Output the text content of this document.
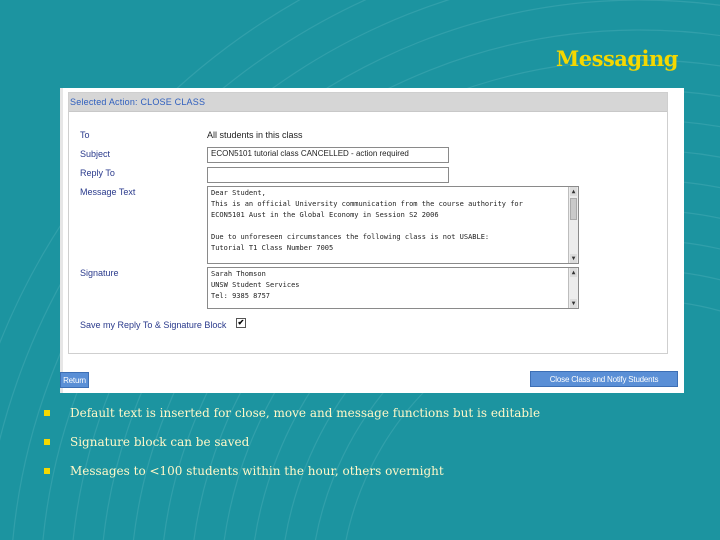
Messaging
Selected Action: CLOSE CLASS
To	All students in this class
Subject	ECON5101 tutorial class CANCELLED - action required
Reply To
Message Text	Dear Student,
This is an official University communication from the course authority for
ECON5101 Aust in the Global Economy in Session S2 2006

Due to unforeseen circumstances the following class is not USABLE:
Tutorial T1 Class Number 7005
▲
▼
Signature	Sarah Thomson
UNSW Student Services
Tel: 9385 8757
▲
▼
Save my Reply To & Signature Block ✔
Return	Close Class and Notify Students
Default text is inserted for close, move and message functions but is editable
Signature block can be saved
Messages to <100 students within the hour, others overnight
